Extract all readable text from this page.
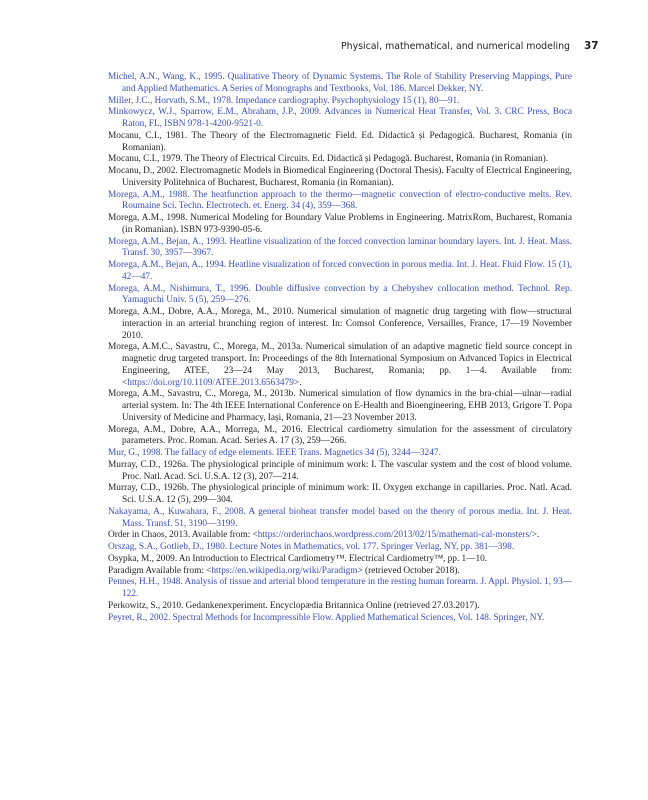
Physical, mathematical, and numerical modeling 37

Michel, A.N., Wang, K., 1995. Qualitative Theory of Dynamic Systems. The Role of Stability Preserving Mappings, Pure and Applied Mathematics. A Series of Monographs and Textbooks, Vol. 186. Marcel Dekker, NY.

Miller, J.C., Horvath, S.M., 1978. Impedance cardiography. Psychophysiology 15 (1), 80—91.

Minkowycz, W.J., Sparrow, E.M., Abraham, J.P., 2009. Advances in Numerical Heat Transfer, Vol. 3. CRC Press, Boca Raton, FL, ISBN 978-1-4200-9521-0.

Mocanu, C.I., 1981. The Theory of the Electromagnetic Field. Ed. Didactică și Pedagogică. Bucharest, Romania (in Romanian).

Mocanu, C.I., 1979. The Theory of Electrical Circuits. Ed. Didactică și Pedagogă. Bucharest, Romania (in Romanian).

Mocanu, D., 2002. Electromagnetic Models in Biomedical Engineering (Doctoral Thesis). Faculty of Electrical Engineering, University Politehnica of Bucharest, Bucharest, Romania (in Romanian).

Morega, A.M., 1988. The heatfunction approach to the thermo—magnetic convection of electro-conductive melts. Rev. Roumaine Sci. Techn. Electrotech. et. Energ. 34 (4), 359—368.

Morega, A.M., 1998. Numerical Modeling for Boundary Value Problems in Engineering. MatrixRom, Bucharest, Romania (in Romanian). ISBN 973-9390-05-6.

Morega, A.M., Bejan, A., 1993. Heatline visualization of the forced convection laminar boundary layers. Int. J. Heat. Mass. Transf. 30, 3957—3967.

Morega, A.M., Bejan, A., 1994. Heatline visualization of forced convection in porous media. Int. J. Heat. Fluid Flow. 15 (1), 42—47.

Morega, A.M., Nishimura, T., 1996. Double diffusive convection by a Chebyshev collocation method. Technol. Rep. Yamaguchi Univ. 5 (5), 259—276.

Morega, A.M., Dobre, A.A., Morega, M., 2010. Numerical simulation of magnetic drug targeting with flow—structural interaction in an arterial branching region of interest. In: Comsol Conference, Versailles, France, 17—19 November 2010.

Morega, A.M.C., Savastru, C., Morega, M., 2013a. Numerical simulation of an adaptive magnetic field source concept in magnetic drug targeted transport. In: Proceedings of the 8th International Symposium on Advanced Topics in Electrical Engineering, ATEE, 23—24 May 2013, Bucharest, Romania; pp. 1—4. Available from: <https://doi.org/10.1109/ATEE.2013.6563479>.

Morega, A.M., Savastru, C., Morega, M., 2013b. Numerical simulation of flow dynamics in the bra-chial—ulnar—radial arterial system. In: The 4th IEEE International Conference on E-Health and Bioengineering, EHB 2013, Grigore T. Popa University of Medicine and Pharmacy, Iași, Romania, 21—23 November 2013.

Morega, A.M., Dobre, A.A., Morrega, M., 2016. Electrical cardiometry simulation for the assessment of circulatory parameters. Proc. Roman. Acad. Series A. 17 (3), 259—266.

Mur, G., 1998. The fallacy of edge elements. IEEE Trans. Magnetics 34 (5), 3244—3247.

Murray, C.D., 1926a. The physiological principle of minimum work: I. The vascular system and the cost of blood volume. Proc. Natl. Acad. Sci. U.S.A. 12 (3), 207—214.

Murray, C.D., 1926b. The physiological principle of minimum work: II. Oxygen exchange in capillaries. Proc. Natl. Acad. Sci. U.S.A. 12 (5), 299—304.

Nakayama, A., Kuwahara, F., 2008. A general bioheat transfer model based on the theory of porous media. Int. J. Heat. Mass. Transf. 51, 3190—3199.

Order in Chaos, 2013. Available from: <https://orderinchaos.wordpress.com/2013/02/15/mathemati-cal-monsters/>.

Orszag, S.A., Gotlieb, D., 1980. Lecture Notes in Mathematics, vol. 177. Springer Verlag, NY, pp. 381—398.

Osypka, M., 2009. An Introduction to Electrical Cardiometry™. Electrical Cardiometry™, pp. 1—10.

Paradigm Available from: <https://en.wikipedia.org/wiki/Paradigm> (retrieved October 2018).

Pennes, H.H., 1948. Analysis of tissue and arterial blood temperature in the resting human forearm. J. Appl. Physiol. 1, 93—122.

Perkowitz, S., 2010. Gedankenexperiment. Encyclopædia Britannica Online (retrieved 27.03.2017).

Peyret, R., 2002. Spectral Methods for Incompressible Flow. Applied Mathematical Sciences, Vol. 148. Springer, NY.
